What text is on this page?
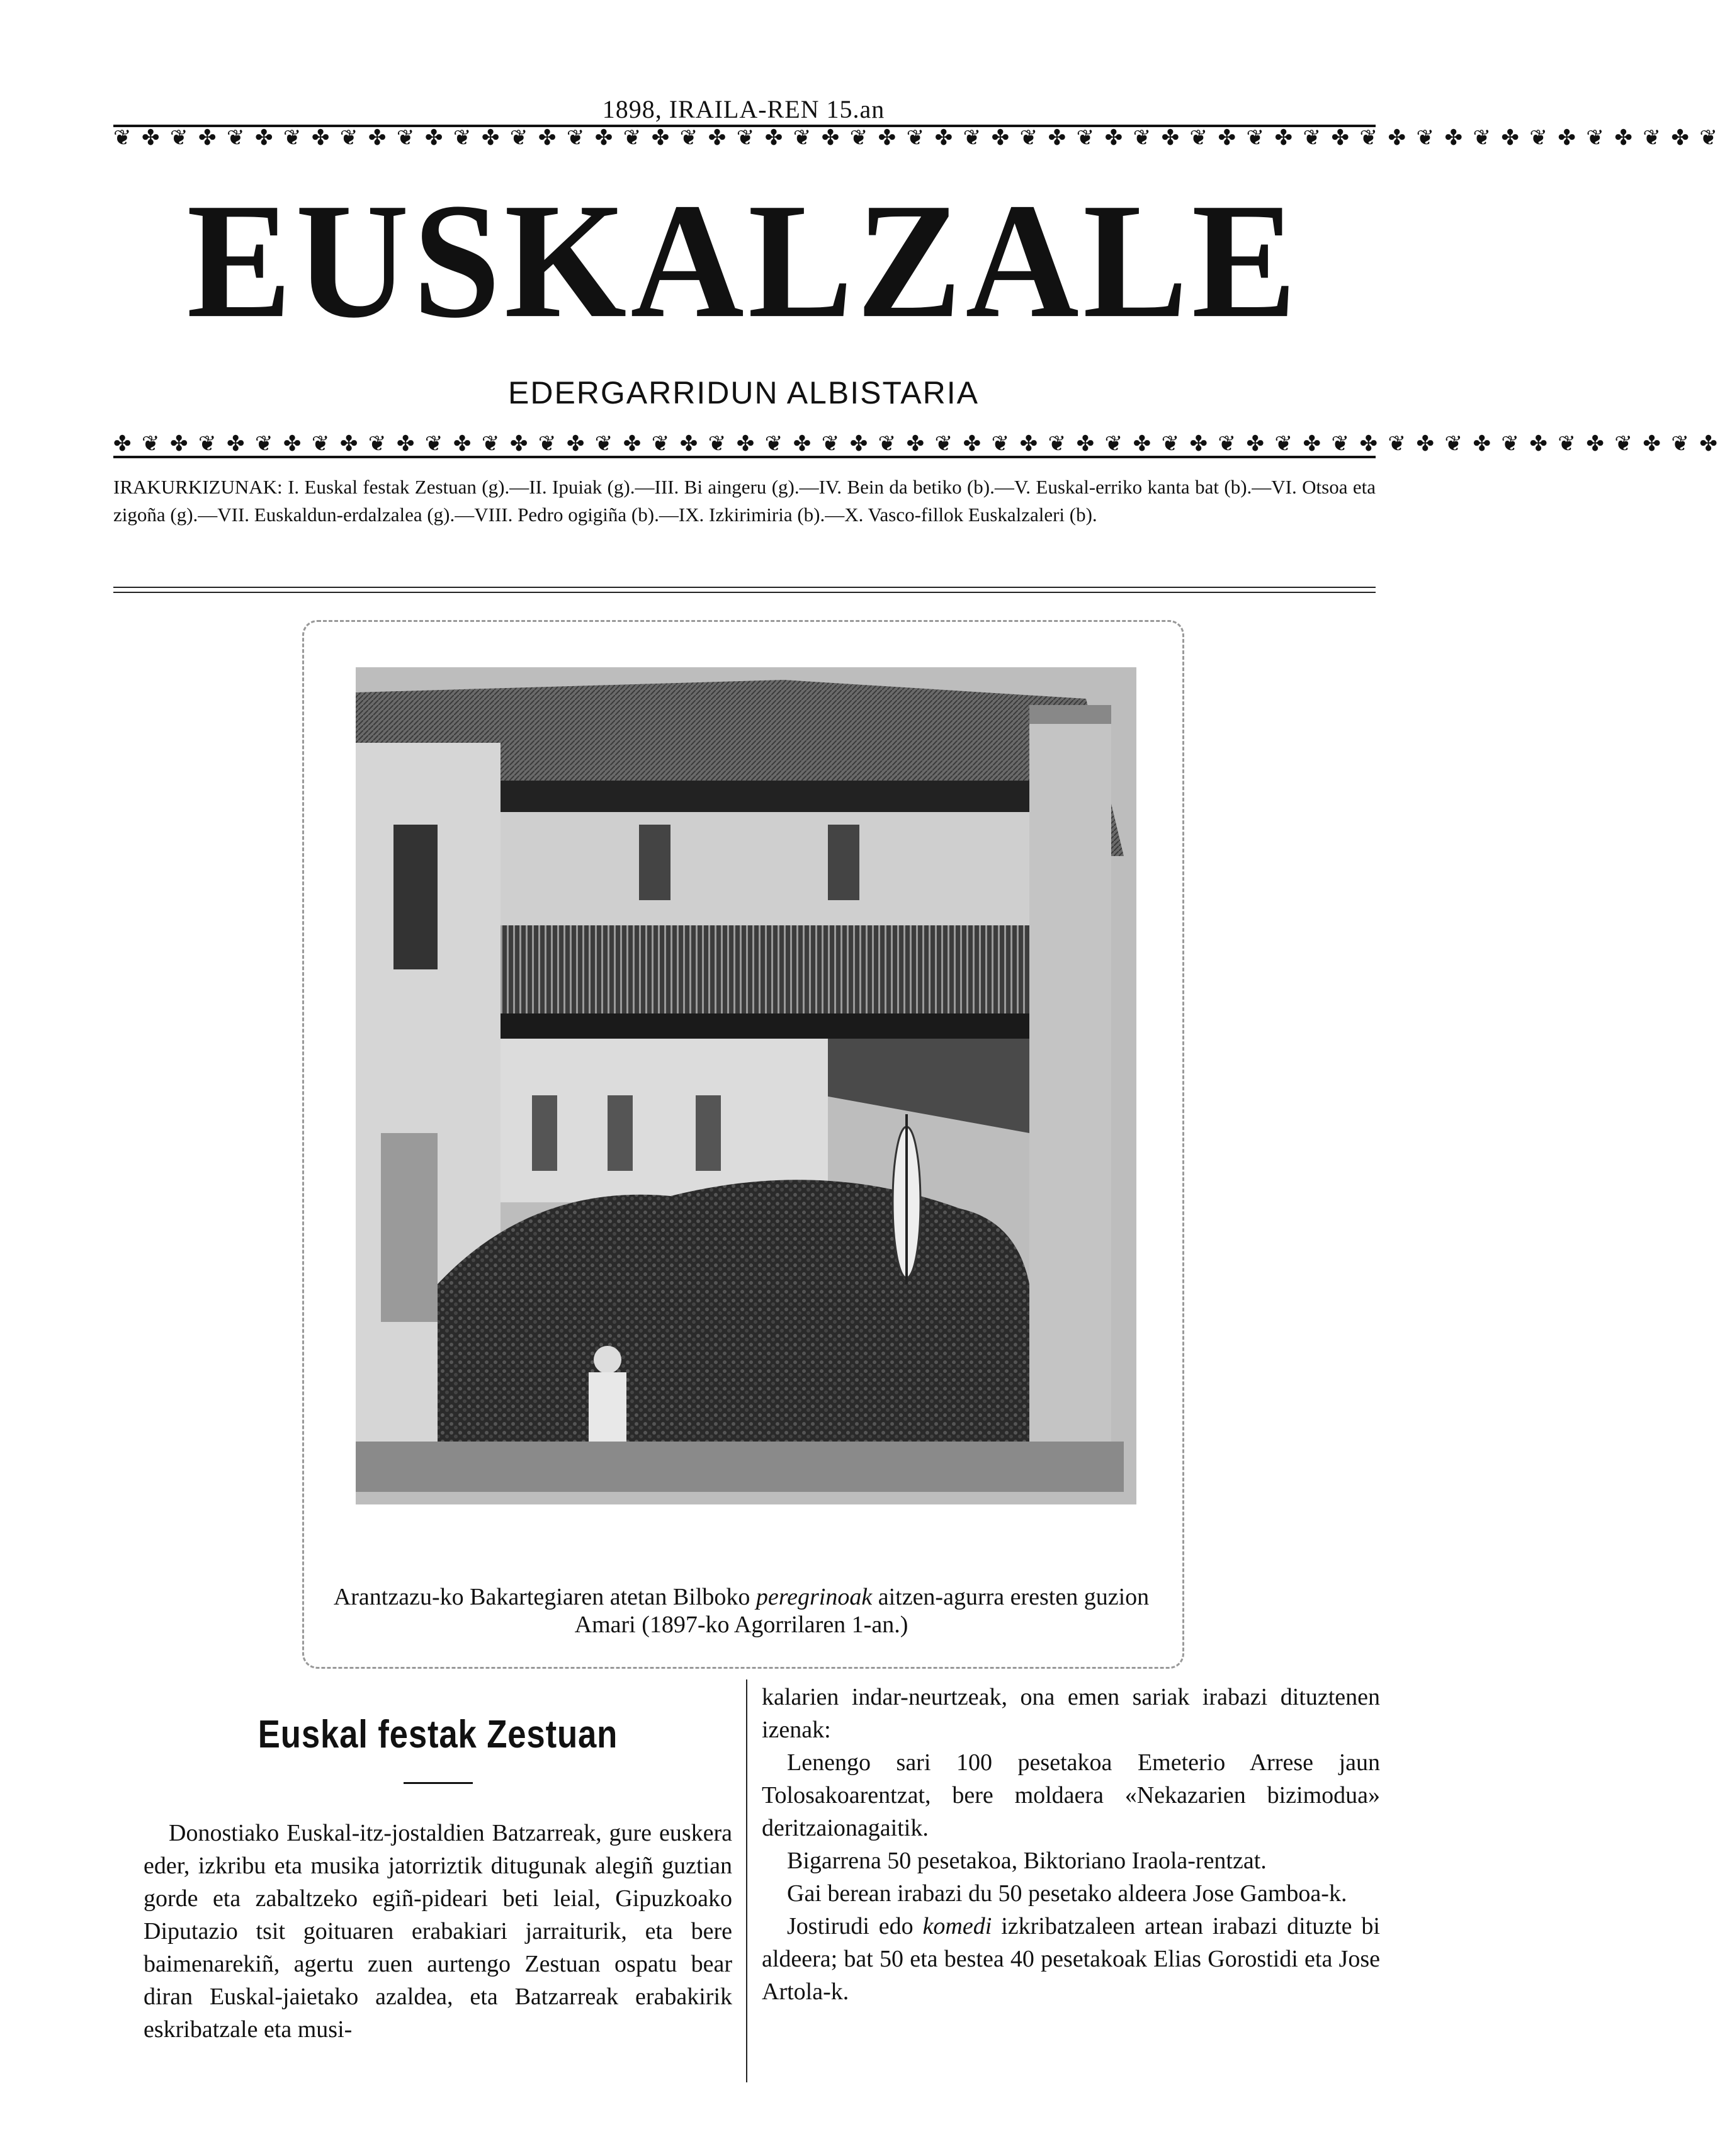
1898, IRAILA-REN 15.an
❦ ✤ ❦ ✤ ❦ ✤ ❦ ✤ ❦ ✤ ❦ ✤ ❦ ✤ ❦ ✤ ❦ ✤ ❦ ✤ ❦ ✤ ❦ ✤ ❦ ✤ ❦ ✤ ❦ ✤ ❦ ✤ ❦ ✤ ❦ ✤ ❦ ✤ ❦ ✤ ❦ ✤ ❦ ✤ ❦ ✤ ❦ ✤ ❦ ✤ ❦ ✤ ❦ ✤ ❦ ✤ ❦
EUSKALZALE
EDERGARRIDUN ALBISTARIA
✤ ❦ ✤ ❦ ✤ ❦ ✤ ❦ ✤ ❦ ✤ ❦ ✤ ❦ ✤ ❦ ✤ ❦ ✤ ❦ ✤ ❦ ✤ ❦ ✤ ❦ ✤ ❦ ✤ ❦ ✤ ❦ ✤ ❦ ✤ ❦ ✤ ❦ ✤ ❦ ✤ ❦ ✤ ❦ ✤ ❦ ✤ ❦ ✤ ❦ ✤ ❦ ✤ ❦ ✤ ❦ ✤
IRAKURKIZUNAK: I. Euskal festak Zestuan (g).—II. Ipuiak (g).—III. Bi aingeru (g).—IV. Bein da betiko (b).—V. Euskal-erriko kanta bat (b).—VI. Otsoa eta zigoña (g).—VII. Euskaldun-erdalzalea (g).—VIII. Pedro ogigiña (b).—IX. Izkirimiria (b).—X. Vasco-fillok Euskalzaleri (b).
Arantzazu-ko Bakartegiaren atetan Bilboko peregrinoak aitzen-agurra eresten guzion Amari (1897-ko Agorrilaren 1-an.)
Euskal festak Zestuan

Donostiako Euskal-itz-jostaldien Batzarreak, gure euskera eder, izkribu eta musika jatorriztik ditugunak alegiñ guztian gorde eta zabaltzeko egiñ-pideari beti leial, Gipuzkoako Diputazio tsit goituaren erabakiari jarraiturik, eta bere baimenarekiñ, agertu zuen aurtengo Zestuan ospatu bear diran Euskal-jaietako azaldea, eta Batzarreak erabakirik eskribatzale eta musi-

kalarien indar-neurtzeak, ona emen sariak irabazi dituztenen izenak:

Lenengo sari 100 pesetakoa Emeterio Arrese jaun Tolosakoarentzat, bere moldaera «Nekazarien bizimodua» deritzaionagaitik.

Bigarrena 50 pesetakoa, Biktoriano Iraola-rentzat.

Gai berean irabazi du 50 pesetako aldeera Jose Gamboa-k.

Jostirudi edo komedi izkribatzaleen artean irabazi dituzte bi aldeera; bat 50 eta bestea 40 pesetakoak Elias Gorostidi eta Jose Artola-k.
